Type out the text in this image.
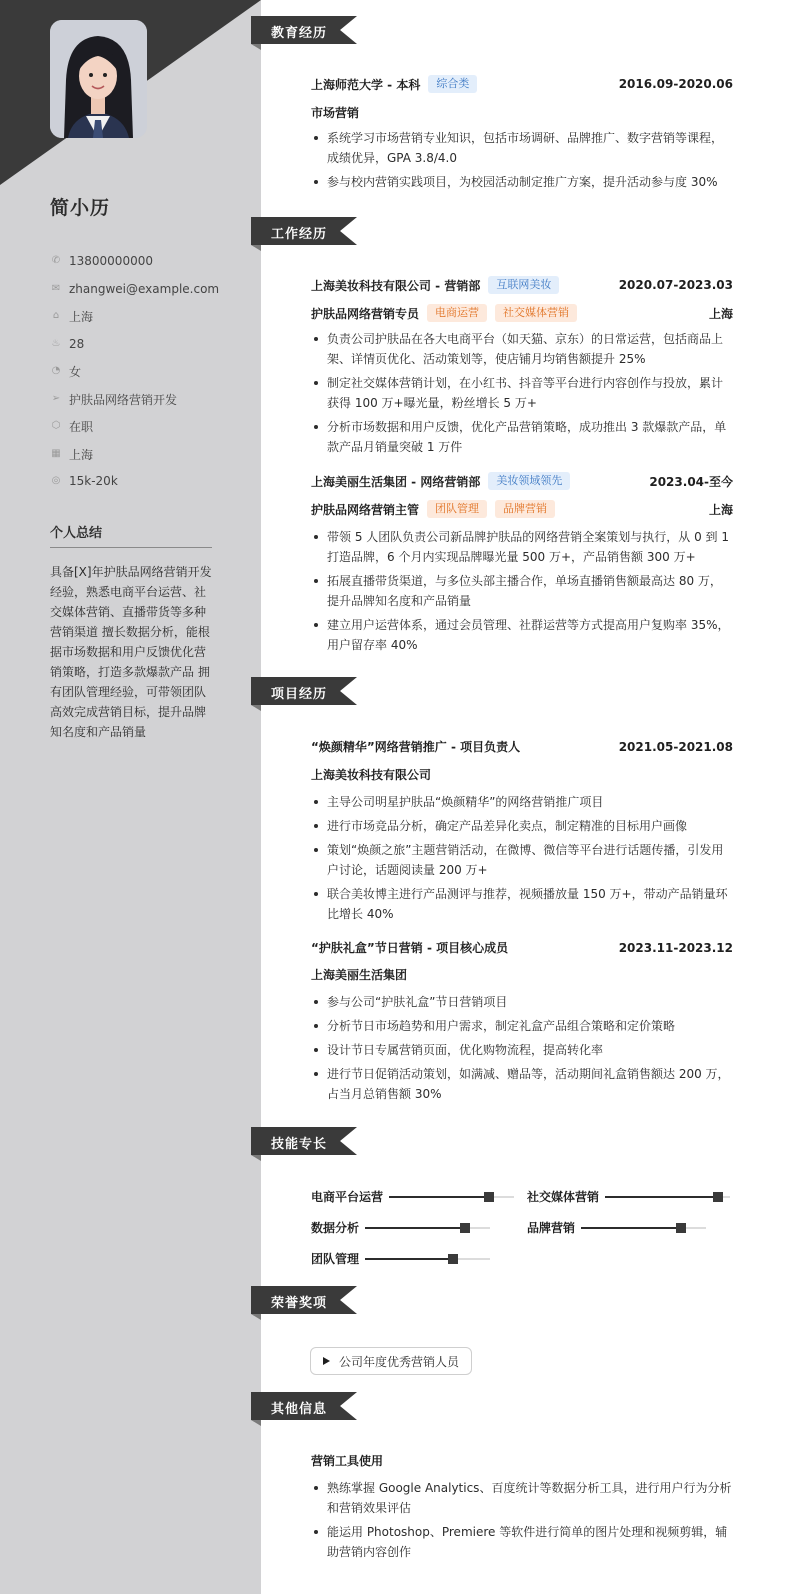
简小历
✆ 13800000000
✉ zhangwei@example.com
⌂ 上海
♨ 28
◔ 女
➢ 护肤品网络营销开发
⬡ 在职
▦ 上海
◎ 15k-20k
个人总结
具备[X]年护肤品网络营销开发经验，熟悉电商平台运营、社交媒体营销、直播带货等多种营销渠道 擅长数据分析，能根据市场数据和用户反馈优化营销策略，打造多款爆款产品 拥有团队管理经验，可带领团队高效完成营销目标，提升品牌知名度和产品销量
教育经历
上海师范大学 - 本科	综合类	2016.09-2020.06
市场营销
系统学习市场营销专业知识，包括市场调研、品牌推广、数字营销等课程，成绩优异，GPA 3.8/4.0
参与校内营销实践项目，为校园活动制定推广方案，提升活动参与度 30%
工作经历
上海美妆科技有限公司 - 营销部	互联网美妆	2020.07-2023.03
护肤品网络营销专员	电商运营	社交媒体营销	上海
负责公司护肤品在各大电商平台（如天猫、京东）的日常运营，包括商品上架、详情页优化、活动策划等，使店铺月均销售额提升 25%
制定社交媒体营销计划，在小红书、抖音等平台进行内容创作与投放，累计获得 100 万+曝光量，粉丝增长 5 万+
分析市场数据和用户反馈，优化产品营销策略，成功推出 3 款爆款产品，单款产品月销量突破 1 万件
上海美丽生活集团 - 网络营销部	美妆领域领先	2023.04-至今
护肤品网络营销主管	团队管理	品牌营销	上海
带领 5 人团队负责公司新品牌护肤品的网络营销全案策划与执行，从 0 到 1 打造品牌，6 个月内实现品牌曝光量 500 万+，产品销售额 300 万+
拓展直播带货渠道，与多位头部主播合作，单场直播销售额最高达 80 万，提升品牌知名度和产品销量
建立用户运营体系，通过会员管理、社群运营等方式提高用户复购率 35%，用户留存率 40%
项目经历
“焕颜精华”网络营销推广 - 项目负责人	2021.05-2021.08
上海美妆科技有限公司
主导公司明星护肤品“焕颜精华”的网络营销推广项目
进行市场竞品分析，确定产品差异化卖点，制定精准的目标用户画像
策划“焕颜之旅”主题营销活动，在微博、微信等平台进行话题传播，引发用户讨论，话题阅读量 200 万+
联合美妆博主进行产品测评与推荐，视频播放量 150 万+，带动产品销量环比增长 40%
“护肤礼盒”节日营销 - 项目核心成员	2023.11-2023.12
上海美丽生活集团
参与公司“护肤礼盒”节日营销项目
分析节日市场趋势和用户需求，制定礼盒产品组合策略和定价策略
设计节日专属营销页面，优化购物流程，提高转化率
进行节日促销活动策划，如满减、赠品等，活动期间礼盒销售额达 200 万，占当月总销售额 30%
技能专长
电商平台运营	社交媒体营销
数据分析	品牌营销
团队管理
荣誉奖项
公司年度优秀营销人员
其他信息
营销工具使用
熟练掌握 Google Analytics、百度统计等数据分析工具，进行用户行为分析和营销效果评估
能运用 Photoshop、Premiere 等软件进行简单的图片处理和视频剪辑，辅助营销内容创作
